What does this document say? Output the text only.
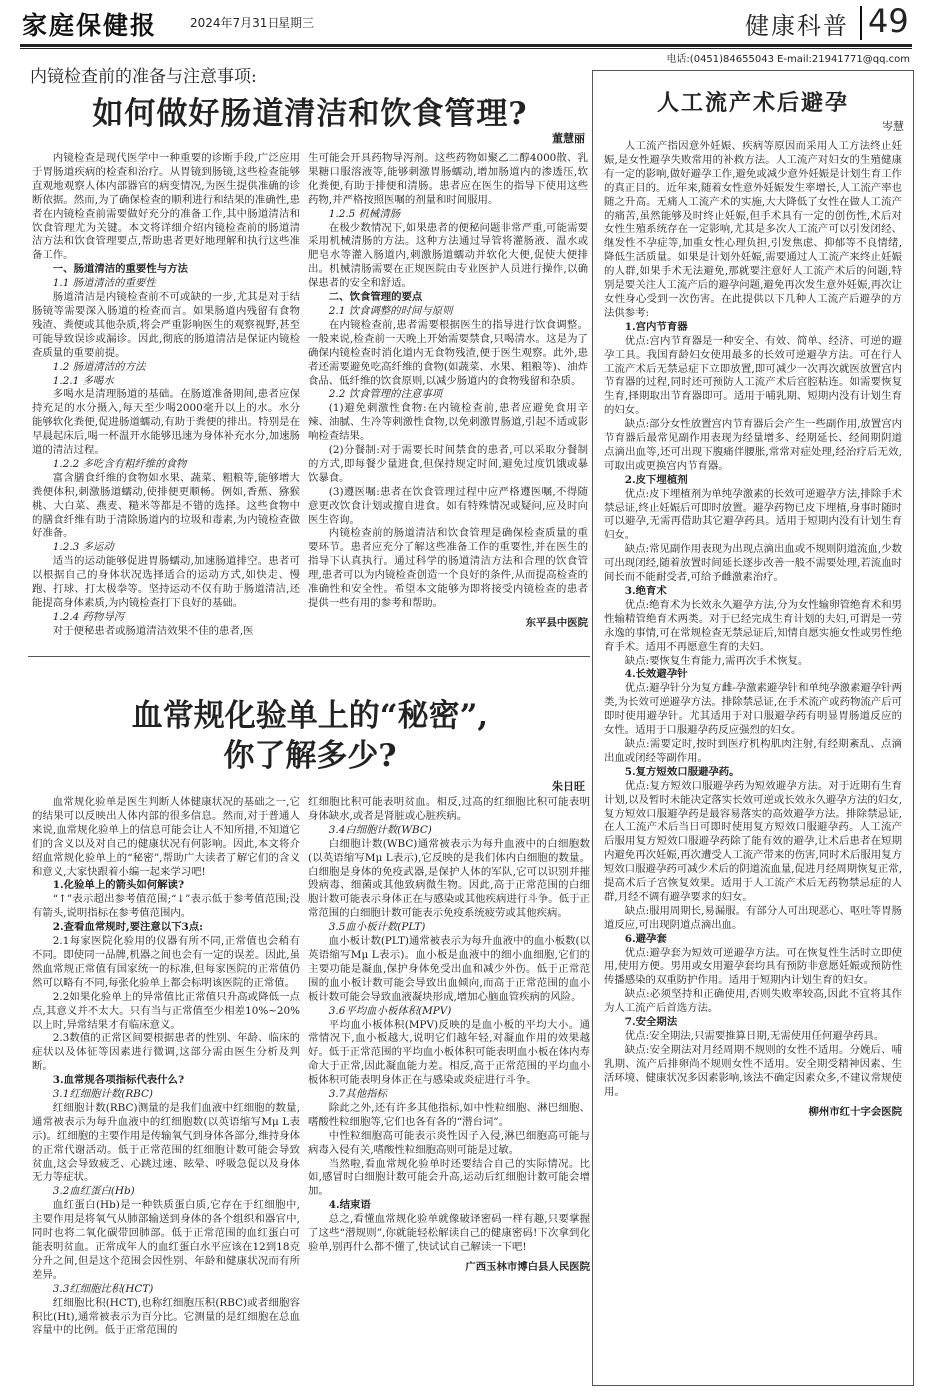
家庭保健报	2024年7月31日
星期三	健康科普 49
电话:(0451)84655043 E-mail:21941771@qq.com
内镜检查前的准备与注意事项:
如何做好肠道清洁和饮食管理?
董慧丽

内镜检查是现代医学中一种重要的诊断手段,广泛应用于胃肠道疾病的检查和治疗。从胃镜到肠镜,这些检查能够直观地观察人体内部器官的病变情况,为医生提供准确的诊断依据。然而,为了确保检查的顺利进行和结果的准确性,患者在内镜检查前需要做好充分的准备工作,其中肠道清洁和饮食管理尤为关键。本文将详细介绍内镜检查前的肠道清洁方法和饮食管理要点,帮助患者更好地理解和执行这些准备工作。

一、肠道清洁的重要性与方法

1.1 肠道清洁的重要性

肠道清洁是内镜检查前不可或缺的一步,尤其是对于结肠镜等需要深入肠道的检查而言。如果肠道内残留有食物残渣、粪便或其他杂质,将会严重影响医生的观察视野,甚至可能导致误诊或漏诊。因此,彻底的肠道清洁是保证内镜检查质量的重要前提。

1.2 肠道清洁的方法

1.2.1 多喝水

多喝水是清理肠道的基础。在肠道准备期间,患者应保持充足的水分摄入,每天至少喝2000毫升以上的水。水分能够软化粪便,促进肠道蠕动,有助于粪便的排出。特别是在早晨起床后,喝一杯温开水能够迅速为身体补充水分,加速肠道的清洁过程。

1.2.2 多吃含有粗纤维的食物

富含膳食纤维的食物如水果、蔬菜、粗粮等,能够增大粪便体积,刺激肠道蠕动,使排便更顺畅。例如,香蕉、猕猴桃、大白菜、燕麦、糙米等都是不错的选择。这些食物中的膳食纤维有助于清除肠道内的垃圾和毒素,为内镜检查做好准备。

1.2.3 多运动

适当的运动能够促进胃肠蠕动,加速肠道排空。患者可以根据自己的身体状况选择适合的运动方式,如快走、慢跑、打球、打太极拳等。坚持运动不仅有助于肠道清洁,还能提高身体素质,为内镜检查打下良好的基础。

1.2.4 药物导泻

对于便秘患者或肠道清洁效果不佳的患者,医

生可能会开具药物导泻剂。这些药物如聚乙二醇4000散、乳果糖口服溶液等,能够刺激胃肠蠕动,增加肠道内的渗透压,软化粪便,有助于排便和清肠。患者应在医生的指导下使用这些药物,并严格按照医嘱的剂量和时间服用。

1.2.5 机械清肠

在极少数情况下,如果患者的便秘问题非常严重,可能需要采用机械清肠的方法。这种方法通过导管将灌肠液、温水或肥皂水等灌入肠道内,刺激肠道蠕动并软化大便,促使大便排出。机械清肠需要在正规医院由专业医护人员进行操作,以确保患者的安全和舒适。

二、饮食管理的要点

2.1 饮食调整的时间与原则

在内镜检查前,患者需要根据医生的指导进行饮食调整。一般来说,检查前一天晚上开始需要禁食,只喝清水。这是为了确保内镜检查时消化道内无食物残渣,便于医生观察。此外,患者还需要避免吃高纤维的食物(如蔬菜、水果、粗粮等)、油炸食品、低纤维的饮食原则,以减少肠道内的食物残留和杂质。

2.2 饮食管理的注意事项

(1)避免刺激性食物:在内镜检查前,患者应避免食用辛辣、油腻、生冷等刺激性食物,以免刺激胃肠道,引起不适或影响检查结果。

(2)分餐制:对于需要长时间禁食的患者,可以采取分餐制的方式,即每餐少量进食,但保持规定时间,避免过度饥饿或暴饮暴食。

(3)遵医嘱:患者在饮食管理过程中应严格遵医嘱,不得随意更改饮食计划或擅自进食。如有特殊情况或疑问,应及时向医生咨询。

内镜检查前的肠道清洁和饮食管理是确保检查质量的重要环节。患者应充分了解这些准备工作的重要性,并在医生的指导下认真执行。通过科学的肠道清洁方法和合理的饮食管理,患者可以为内镜检查创造一个良好的条件,从而提高检查的准确性和安全性。希望本文能够为即将接受内镜检查的患者提供一些有用的参考和帮助。

东平县中医院

血常规化验单上的“秘密”,
你了解多少?
朱日旺

血常规化验单是医生判断人体健康状况的基础之一,它的结果可以反映出人体内部的很多信息。然而,对于普通人来说,血常规化验单上的信息可能会让人不知所措,不知道它们的含义以及对自己的健康状况有何影响。因此,本文将介绍血常规化验单上的“秘密”,帮助广大读者了解它们的含义和意义,大家快跟着小编一起来学习吧!

1.化验单上的箭头如何解读?

“↑”表示超出参考值范围;“↓”表示低于参考值范围;没有箭头,说明指标在参考值范围内。

2.查看血常规时,要注意以下3点:

2.1每家医院化验用的仪器有所不同,正常值也会稍有不同。即使同一品牌,机器之间也会有一定的误差。因此,虽然血常规正常值有国家统一的标准,但每家医院的正常值仍然可以略有不同,每张化验单上都会标明该医院的正常值。

2.2如果化验单上的异常值比正常值只升高或降低一点点,其意义并不太大。只有当与正常值至少相差10%~20%以上时,异常结果才有临床意义。

2.3数值的正常区间要根据患者的性别、年龄、临床的症状以及体征等因素进行微调,这部分需由医生分析及判断。

3.血常规各项指标代表什么?

3.1红细胞计数(RBC)

红细胞计数(RBC)测量的是我们血液中红细胞的数量,通常被表示为每升血液中的红细胞数(以英语缩写Mμ L表示)。红细胞的主要作用是传输氧气到身体各部分,维持身体的正常代谢活动。低于正常范围的红细胞计数可能会导致贫血,这会导致疲乏、心跳过速、眩晕、呼吸急促以及身体无力等症状。

3.2血红蛋白(Hb)

血红蛋白(Hb)是一种铁质蛋白质,它存在于红细胞中,主要作用是将氧气从肺部输送到身体的各个组织和器官中,同时也将二氧化碳带回肺部。低于正常范围的血红蛋白可能表明贫血。正常成年人的血红蛋白水平应该在12到18克分升之间,但是这个范围会因性别、年龄和健康状况而有所差异。

3.3红细胞比积(HCT)

红细胞比积(HCT),也称红细胞压积(RBC)或者细胞容积比(Ht),通常被表示为百分比。它测量的是红细胞在总血容量中的比例。低于正常范围的

红细胞比积可能表明贫血。相反,过高的红细胞比积可能表明身体缺水,或者是肾脏或心脏疾病。

3.4白细胞计数(WBC)

白细胞计数(WBC)通常被表示为每升血液中的白细胞数(以英语缩写Mμ L表示),它反映的是我们体内白细胞的数量。白细胞是身体的免疫武器,是保护人体的军队,它可以识别并摧毁病毒、细菌或其他致病微生物。因此,高于正常范围的白细胞计数可能表示身体正在与感染或其他疾病进行斗争。低于正常范围的白细胞计数可能表示免疫系统疲劳或其他疾病。

3.5血小板计数(PLT)

血小板计数(PLT)通常被表示为每升血液中的血小板数(以英语缩写Mμ L表示)。血小板是血液中的细小血细胞,它们的主要功能是凝血,保护身体免受出血和减少外伤。低于正常范围的血小板计数可能会导致出血倾向,而高于正常范围的血小板计数可能会导致血液凝块形成,增加心脑血管疾病的风险。

3.6平均血小板体积(MPV)

平均血小板体积(MPV)反映的是血小板的平均大小。通常情况下,血小板越大,说明它们越年轻,对凝血作用的效果越好。低于正常范围的平均血小板体积可能表明血小板在体内寿命大于正常,因此凝血能力差。相反,高于正常范围的平均血小板体积可能表明身体正在与感染或炎症进行斗争。

3.7其他指标

除此之外,还有许多其他指标,如中性粒细胞、淋巴细胞、嗜酸性粒细胞等,它们也各有各的“潜台词”。

中性粒细胞高可能表示炎性因子入侵,淋巴细胞高可能与病毒入侵有关,嗜酸性粒细胞高则可能是过敏。

当然啦,看血常规化验单时还要结合自己的实际情况。比如,感冒时白细胞计数可能会升高,运动后红细胞计数可能会增加。

4.结束语

总之,看懂血常规化验单就像破译密码一样有趣,只要掌握了这些“潜规则”,你就能轻松解读自己的健康密码!下次拿到化验单,别再什么都不懂了,快试试自己解读一下吧!

广西玉林市博白县人民医院

人工流产术后避孕
岑慧

人工流产指因意外妊娠、疾病等原因而采用人工方法终止妊娠,是女性避孕失败常用的补救方法。人工流产对妇女的生殖健康有一定的影响,做好避孕工作,避免或减少意外妊娠是计划生育工作的真正目的。近年来,随着女性意外妊娠发生率增长,人工流产率也随之升高。无痛人工流产术的实施,大大降低了女性在做人工流产的痛苦,虽然能够及时终止妊娠,但手术具有一定的创伤性,术后对女性生殖系统存在一定影响,尤其是多次人工流产可以引发闭经、继发性不孕症等,加重女性心理负担,引发焦虑、抑郁等不良情绪,降低生活质量。如果是计划外妊娠,需要通过人工流产来终止妊娠的人群,如果手术无法避免,那就要注意好人工流产术后的问题,特别是要关注人工流产后的避孕问题,避免再次发生意外妊娠,再次让女性身心受到一次伤害。在此提供以下几种人工流产后避孕的方法供参考:

1.宫内节育器

优点:宫内节育器是一种安全、有效、简单、经济、可逆的避孕工具。我国育龄妇女使用最多的长效可逆避孕方法。可在行人工流产术后无禁忌症下立即放置,即可减少一次再次就医放置宫内节育器的过程,同时还可预防人工流产术后宫腔粘连。如需要恢复生育,择期取出节育器即可。适用于哺乳期、短期内没有计划生育的妇女。

缺点:部分女性放置宫内节育器后会产生一些副作用,放置宫内节育器后最常见副作用表现为经量增多、经期延长、经间期阴道点滴出血等,还可出现下腹痛伴腰胀,常常对症处理,经治疗后无效,可取出或更换宫内节育器。

2.皮下埋植剂

优点:皮下埋植剂为单纯孕激素的长效可逆避孕方法,排除手术禁忌证,终止妊娠后可即时放置。避孕药物已皮下埋植,身事时随时可以避孕,无需再借助其它避孕药具。适用于短期内没有计划生育妇女。

缺点:常见副作用表现为出现点滴出血或不规则阴道流血,少数可出现闭经,随着放置时间延长逐步改善一般不需要处理,若流血时间长而不能耐受者,可给予雌激素治疗。

3.绝育术

优点:绝育术为长效永久避孕方法,分为女性输卵管绝育术和男性输精管绝育术两类。对于已经完成生育计划的夫妇,可谓是一劳永逸的事情,可在常规检查无禁忌证后,知情自愿实施女性或男性绝育手术。适用不再愿意生育的夫妇。

缺点:要恢复生育能力,需再次手术恢复。

4.长效避孕针

优点:避孕针分为复方雌-孕激素避孕针和单纯孕激素避孕针两类,为长效可逆避孕方法。排除禁忌证,在手术流产或药物流产后可即时使用避孕针。尤其适用于对口服避孕药有明显胃肠道反应的女性。适用于口服避孕药反应强烈的妇女。

缺点:需要定时,按时到医疗机构肌肉注射,有经期紊乱、点滴出血或闭经等副作用。

5.复方短效口服避孕药。

优点:复方短效口服避孕药为短效避孕方法。对于近期有生育计划,以及暂时未能决定落实长效可逆或长效永久避孕方法的妇女,复方短效口服避孕药是最容易落实的高效避孕方法。排除禁忌证,在人工流产术后当日可即时使用复方短效口服避孕药。人工流产后服用复方短效口服避孕药除了能有效的避孕,让术后患者在短期内避免再次妊娠,再次遭受人工流产带来的伤害,同时术后服用复方短效口服避孕药可减少术后的阴道流血量,促进月经周期恢复正常,提高术后子宫恢复效果。适用于人工流产术后无药物禁忌症的人群,月经不调有避孕要求的妇女。

缺点:服用周期长,易漏服。有部分人可出现恶心、呕吐等胃肠道反应,可出现阴道点滴出血。

6.避孕套

优点:避孕套为短效可逆避孕方法。可在恢复性生活时立即使用,使用方便。男用或女用避孕套均具有预防非意愿妊娠或预防性传播感染的双重防护作用。适用于短期内计划生育的妇女。

缺点:必须坚持和正确使用,否则失败率较高,因此不宜将其作为人工流产后首选方法。

7.安全期法

优点:安全期法,只需要推算日期,无需使用任何避孕药具。

缺点:安全期法对月经周期不规则的女性不适用。分娩后、哺乳期、流产后排卵尚不规则女性不适用。安全期受精神因素、生活环境、健康状况多因素影响,该法不确定因素众多,不建议常规使用。

柳州市红十字会医院
